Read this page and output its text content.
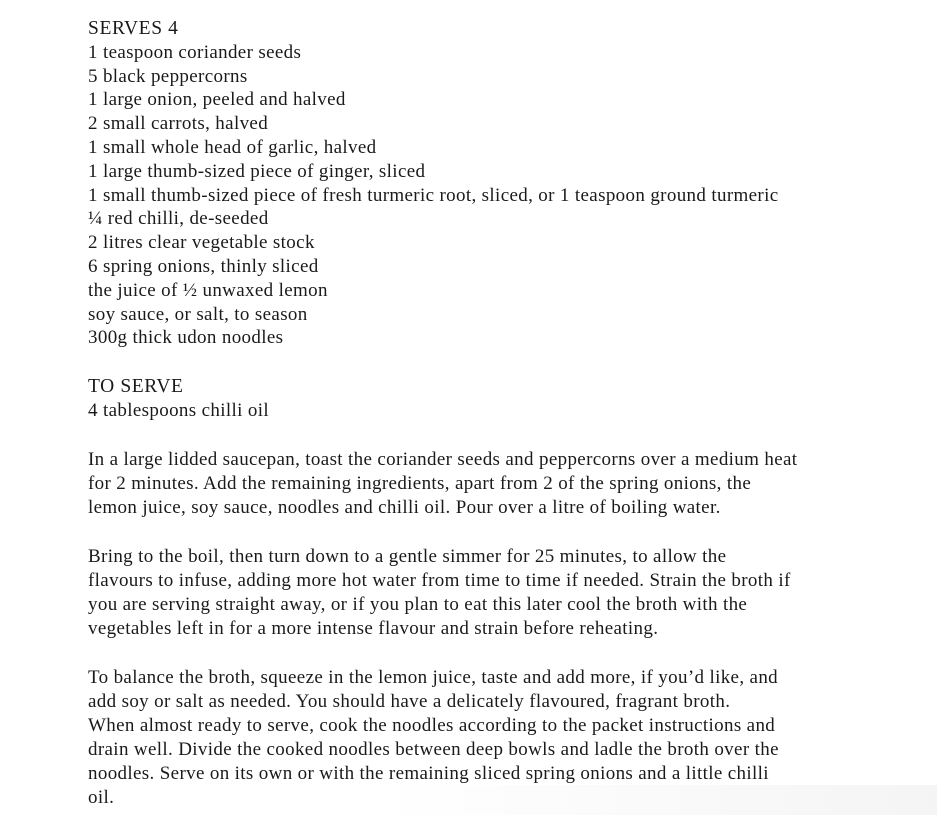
SERVES 4
1 teaspoon coriander seeds
5 black peppercorns
1 large onion, peeled and halved
2 small carrots, halved
1 small whole head of garlic, halved
1 large thumb-sized piece of ginger, sliced
1 small thumb-sized piece of fresh turmeric root, sliced, or 1 teaspoon ground turmeric
¼ red chilli, de-seeded
2 litres clear vegetable stock
6 spring onions, thinly sliced
the juice of ½ unwaxed lemon
soy sauce, or salt, to season
300g thick udon noodles
TO SERVE
4 tablespoons chilli oil
In a large lidded saucepan, toast the coriander seeds and peppercorns over a medium heat
for 2 minutes. Add the remaining ingredients, apart from 2 of the spring onions, the
lemon juice, soy sauce, noodles and chilli oil. Pour over a litre of boiling water.
Bring to the boil, then turn down to a gentle simmer for 25 minutes, to allow the
flavours to infuse, adding more hot water from time to time if needed. Strain the broth if
you are serving straight away, or if you plan to eat this later cool the broth with the
vegetables left in for a more intense flavour and strain before reheating.
To balance the broth, squeeze in the lemon juice, taste and add more, if you’d like, and
add soy or salt as needed. You should have a delicately flavoured, fragrant broth.
When almost ready to serve, cook the noodles according to the packet instructions and
drain well. Divide the cooked noodles between deep bowls and ladle the broth over the
noodles. Serve on its own or with the remaining sliced spring onions and a little chilli
oil.
